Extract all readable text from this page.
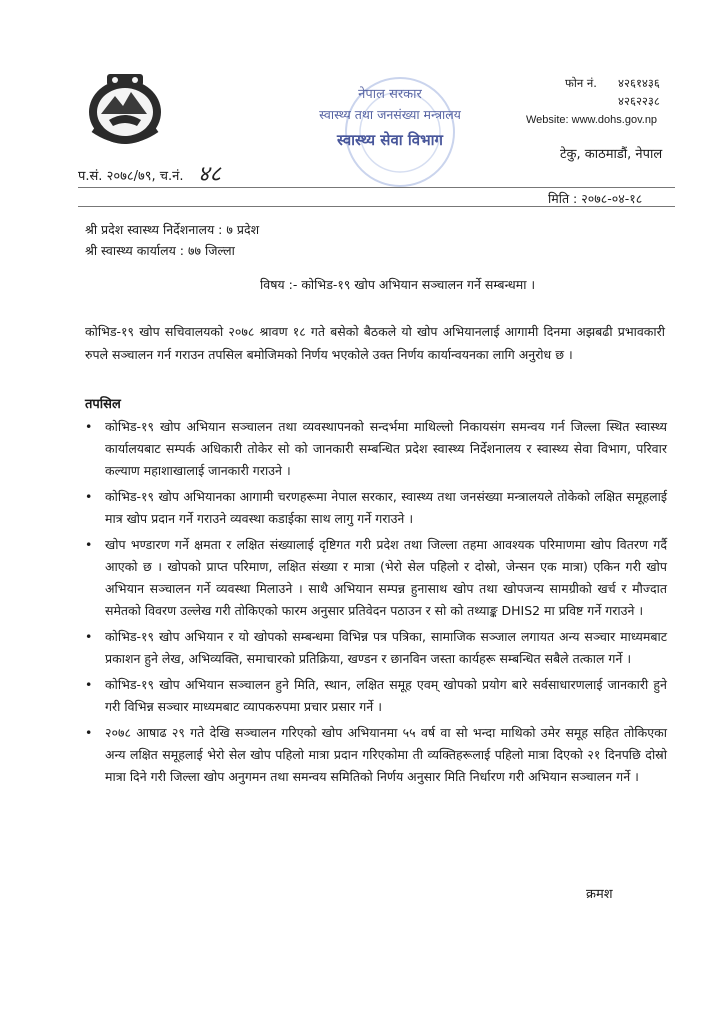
नेपाल सरकार
स्वास्थ्य तथा जनसंख्या मन्त्रालय
स्वास्थ्य सेवा विभाग
फोन नं. ४२६१४३६
४२६२२३८
Website: www.dohs.gov.np
टेकु, काठमाडौं, नेपाल
प.सं. २०७८/७९, च.नं. ४८
मिति : २०७८-०४-१८
श्री प्रदेश स्वास्थ्य निर्देशनालय : ७ प्रदेश
श्री स्वास्थ्य कार्यालय : ७७ जिल्ला
विषय :- कोभिड-१९ खोप अभियान सञ्चालन गर्ने सम्बन्धमा ।
कोभिड-१९ खोप सचिवालयको २०७८ श्रावण १८ गते बसेको बैठकले यो खोप अभियानलाई आगामी दिनमा अझबढी प्रभावकारी रुपले सञ्चालन गर्न गराउन तपसिल बमोजिमको निर्णय भएकोले उक्त निर्णय कार्यान्वयनका लागि अनुरोध छ ।
तपसिल
• कोभिड-१९ खोप अभियान सञ्चालन तथा व्यवस्थापनको सन्दर्भमा माथिल्लो निकायसंग समन्वय गर्न जिल्ला स्थित स्वास्थ्य कार्यालयबाट सम्पर्क अधिकारी तोकेर सो को जानकारी सम्बन्धित प्रदेश स्वास्थ्य निर्देशनालय र स्वास्थ्य सेवा विभाग, परिवार कल्याण महाशाखालाई जानकारी गराउने ।
• कोभिड-१९ खोप अभियानका आगामी चरणहरूमा नेपाल सरकार, स्वास्थ्य तथा जनसंख्या मन्त्रालयले तोकेको लक्षित समूहलाई मात्र खोप प्रदान गर्ने गराउने व्यवस्था कडाईका साथ लागु गर्ने गराउने ।
• खोप भण्डारण गर्ने क्षमता र लक्षित संख्यालाई दृष्टिगत गरी प्रदेश तथा जिल्ला तहमा आवश्यक परिमाणमा खोप वितरण गर्दै आएको छ । खोपको प्राप्त परिमाण, लक्षित संख्या र मात्रा (भेरो सेल पहिलो र दोस्रो, जेन्सन एक मात्रा) एकिन गरी खोप अभियान सञ्चालन गर्ने व्यवस्था मिलाउने । साथै अभियान सम्पन्न हुनासाथ खोप तथा खोपजन्य सामग्रीको खर्च र मौज्दात समेतको विवरण उल्लेख गरी तोकिएको फारम अनुसार प्रतिवेदन पठाउन र सो को तथ्याङ्क DHIS2 मा प्रविष्ट गर्ने गराउने ।
• कोभिड-१९ खोप अभियान र यो खोपको सम्बन्धमा विभिन्न पत्र पत्रिका, सामाजिक सञ्जाल लगायत अन्य सञ्चार माध्यमबाट प्रकाशन हुने लेख, अभिव्यक्ति, समाचारको प्रतिक्रिया, खण्डन र छानविन जस्ता कार्यहरू सम्बन्धित सबैले तत्काल गर्ने ।
• कोभिड-१९ खोप अभियान सञ्चालन हुने मिति, स्थान, लक्षित समूह एवम् खोपको प्रयोग बारे सर्वसाधारणलाई जानकारी हुने गरी विभिन्न सञ्चार माध्यमबाट व्यापकरुपमा प्रचार प्रसार गर्ने ।
• २०७८ आषाढ २९ गते देखि सञ्चालन गरिएको खोप अभियानमा ५५ वर्ष वा सो भन्दा माथिको उमेर समूह सहित तोकिएका अन्य लक्षित समूहलाई भेरो सेल खोप पहिलो मात्रा प्रदान गरिएकोमा ती व्यक्तिहरूलाई पहिलो मात्रा दिएको २१ दिनपछि दोस्रो मात्रा दिने गरी जिल्ला खोप अनुगमन तथा समन्वय समितिको निर्णय अनुसार मिति निर्धारण गरी अभियान सञ्चालन गर्ने ।
क्रमश
